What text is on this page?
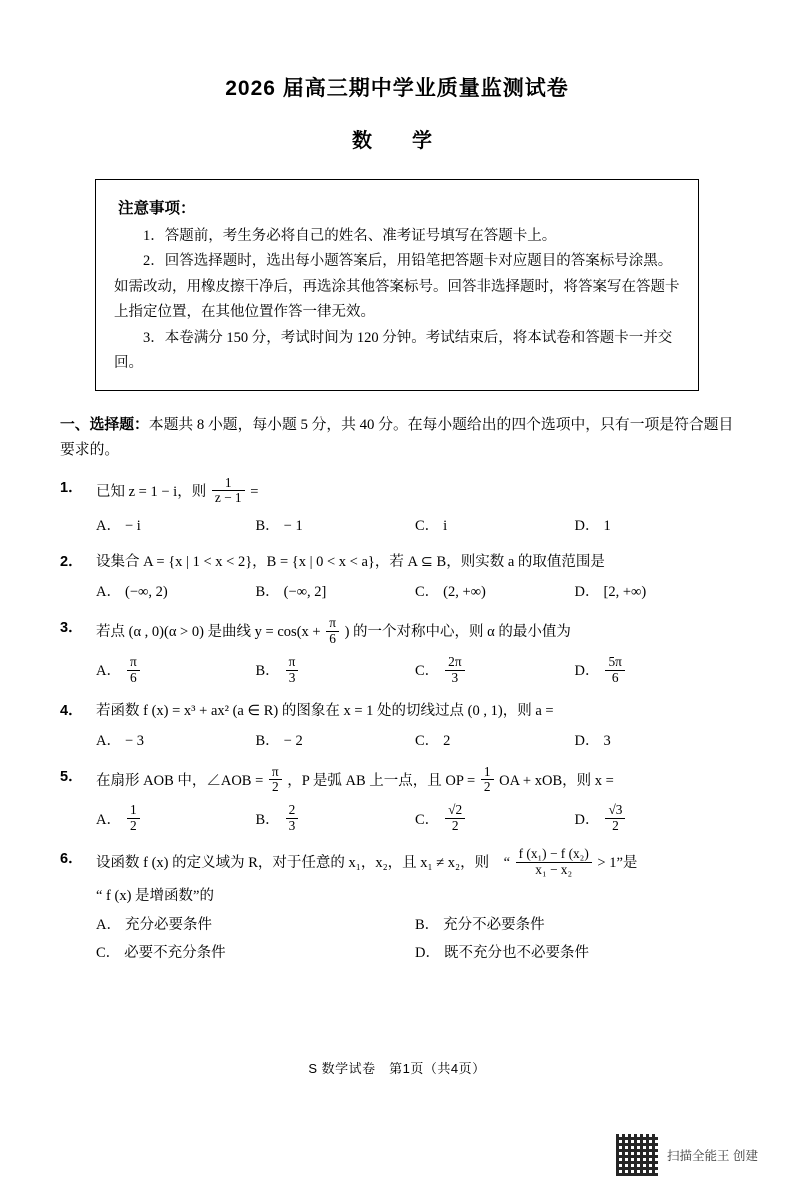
2026 届高三期中学业质量监测试卷
数　学
注意事项：

1．答题前，考生务必将自己的姓名、准考证号填写在答题卡上。

2．回答选择题时，选出每小题答案后，用铅笔把答题卡对应题目的答案标号涂黑。如需改动，用橡皮擦干净后，再选涂其他答案标号。回答非选择题时，将答案写在答题卡上指定位置，在其他位置作答一律无效。

3．本卷满分 150 分，考试时间为 120 分钟。考试结束后，将本试卷和答题卡一并交回。

一、选择题：本题共 8 小题，每小题 5 分，共 40 分。在每小题给出的四个选项中，只有一项是符合题目要求的。
1． 已知 z = 1 − i，则 $\frac{1}{z - 1}$ =
A． − i	B． − 1	C． i	D． 1
2． 设集合 A = {x | 1 < x < 2}，B = {x | 0 < x < a}，若 A ⊆ B，则实数 a 的取值范围是
A． (−∞, 2)	B． (−∞, 2]	C． (2, +∞)	D． [2, +∞)
3． 若点 (α , 0)(α > 0) 是曲线 $y = \cos(x + \frac{\pi}{6}$ ) 的一个对称中心，则 α 的最小值为
A． $\frac{\pi}{6}$	B． $\frac{\pi}{3}$	C． $\frac{2\pi}{3}$	D． $\frac{5\pi}{6}$
4． 若函数 f (x) = x³ + ax² (a ∈ R) 的图象在 x = 1 处的切线过点 (0 , 1)，则 a =
A． − 3	B． − 2	C． 2	D． 3
5． 在扇形 AOB 中，∠AOB = $\frac{\pi}{2}$ ，P 是弧 AB 上一点，且 OP = $\frac{1}{2}$ OA + xOB，则 x =
A． $\frac{1}{2}$	B． $\frac{2}{3}$	C． $\frac{√2}{2}$	D． $\frac{√3}{2}$
6． 设函数 f (x) 的定义域为 R，对于任意的 x₁，x₂，且 x₁ ≠ x₂，则　“ $\frac{\text{f (x₁) − f (x₂)}}{\text{x₁ − x₂}} > 1$”是
“ f (x) 是增函数”的
A． 充分必要条件	B． 充分不必要条件
C． 必要不充分条件	D． 既不充分也不必要条件
S 数学试卷　第1页（共4页）
扫描全能王 创建
